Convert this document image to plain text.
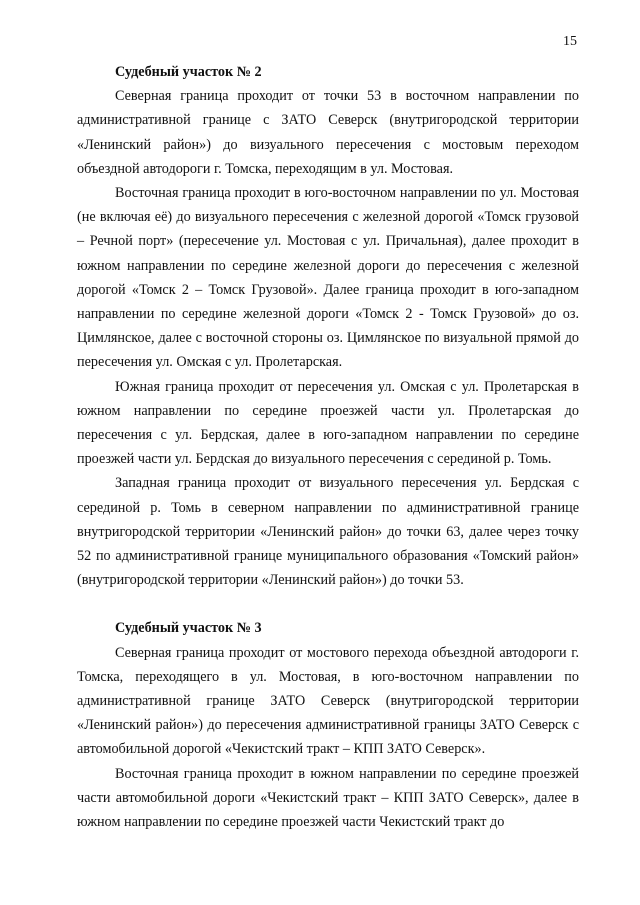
15

Судебный участок № 2

Северная граница проходит от точки 53 в восточном направлении по административной границе с ЗАТО Северск (внутригородской территории «Ленинский район») до визуального пересечения с мостовым переходом объездной автодороги г. Томска, переходящим в ул. Мостовая.

Восточная граница проходит в юго-восточном направлении по ул. Мостовая (не включая её) до визуального пересечения с железной дорогой «Томск грузовой – Речной порт» (пересечение ул. Мостовая с ул. Причальная), далее проходит в южном направлении по середине железной дороги до пересечения с железной дорогой «Томск 2 – Томск Грузовой». Далее граница проходит в юго-западном направлении по середине железной дороги «Томск 2 - Томск Грузовой» до оз. Цимлянское, далее с восточной стороны оз. Цимлянское по визуальной прямой до пересечения ул. Омская с ул. Пролетарская.

Южная граница проходит от пересечения ул. Омская с ул. Пролетарская в южном направлении по середине проезжей части ул. Пролетарская до пересечения с ул. Бердская, далее в юго-западном направлении по середине проезжей части ул. Бердская до визуального пересечения с серединой р. Томь.

Западная граница проходит от визуального пересечения ул. Бердская с серединой р. Томь в северном направлении по административной границе внутригородской территории «Ленинский район» до точки 63, далее через точку 52 по административной границе муниципального образования «Томский район» (внутригородской территории «Ленинский район») до точки 53.

Судебный участок № 3

Северная граница проходит от мостового перехода объездной автодороги г. Томска, переходящего в ул. Мостовая, в юго-восточном направлении по административной границе ЗАТО Северск (внутригородской территории «Ленинский район») до пересечения административной границы ЗАТО Северск с автомобильной дорогой «Чекистский тракт – КПП ЗАТО Северск».

Восточная граница проходит в южном направлении по середине проезжей части автомобильной дороги «Чекистский тракт – КПП ЗАТО Северск», далее в южном направлении по середине проезжей части Чекистский тракт до
